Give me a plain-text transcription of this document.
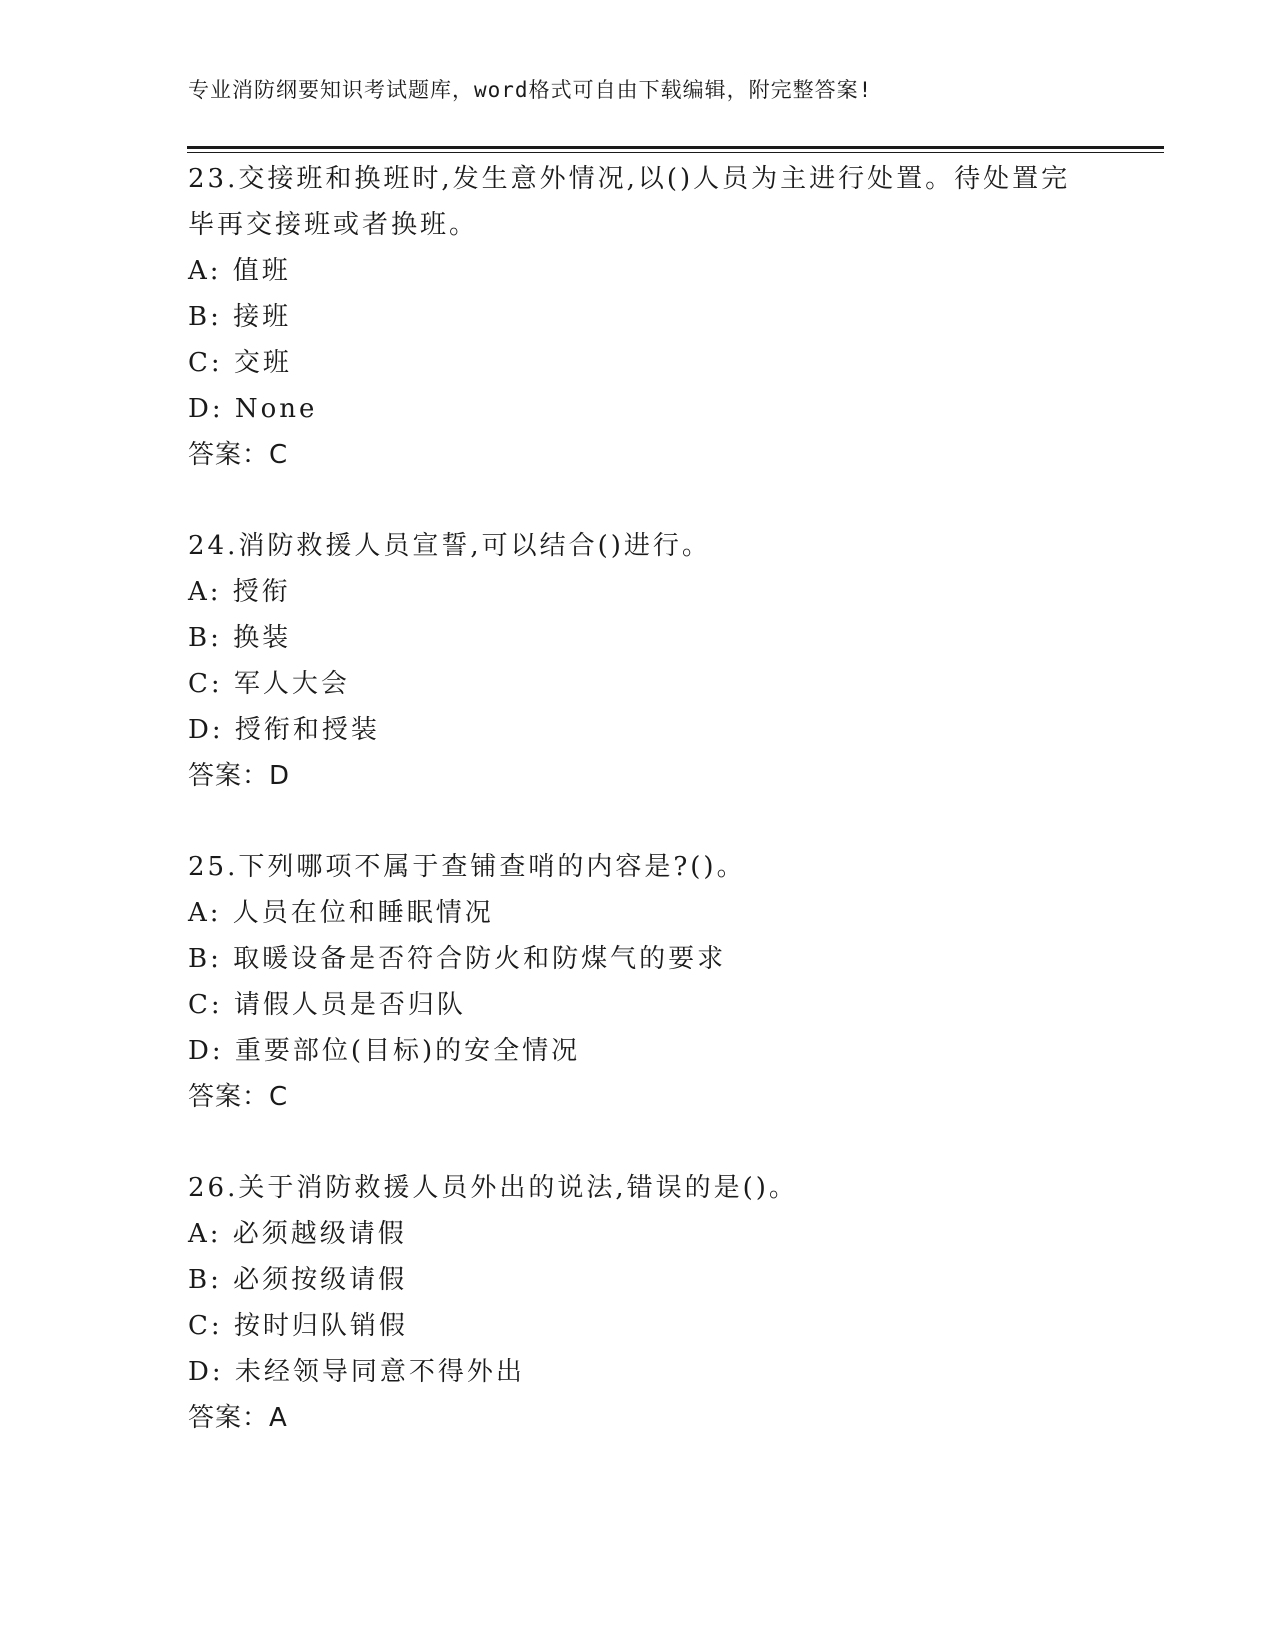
专业消防纲要知识考试题库，word格式可自由下载编辑，附完整答案!
23.交接班和换班时,发生意外情况,以()人员为主进行处置。待处置完
毕再交接班或者换班。
A: 值班
B: 接班
C: 交班
D: None
答案：C
24.消防救援人员宣誓,可以结合()进行。
A: 授衔
B: 换装
C: 军人大会
D: 授衔和授装
答案：D
25.下列哪项不属于查铺查哨的内容是?()。
A: 人员在位和睡眠情况
B: 取暖设备是否符合防火和防煤气的要求
C: 请假人员是否归队
D: 重要部位(目标)的安全情况
答案：C
26.关于消防救援人员外出的说法,错误的是()。
A: 必须越级请假
B: 必须按级请假
C: 按时归队销假
D: 未经领导同意不得外出
答案：A
